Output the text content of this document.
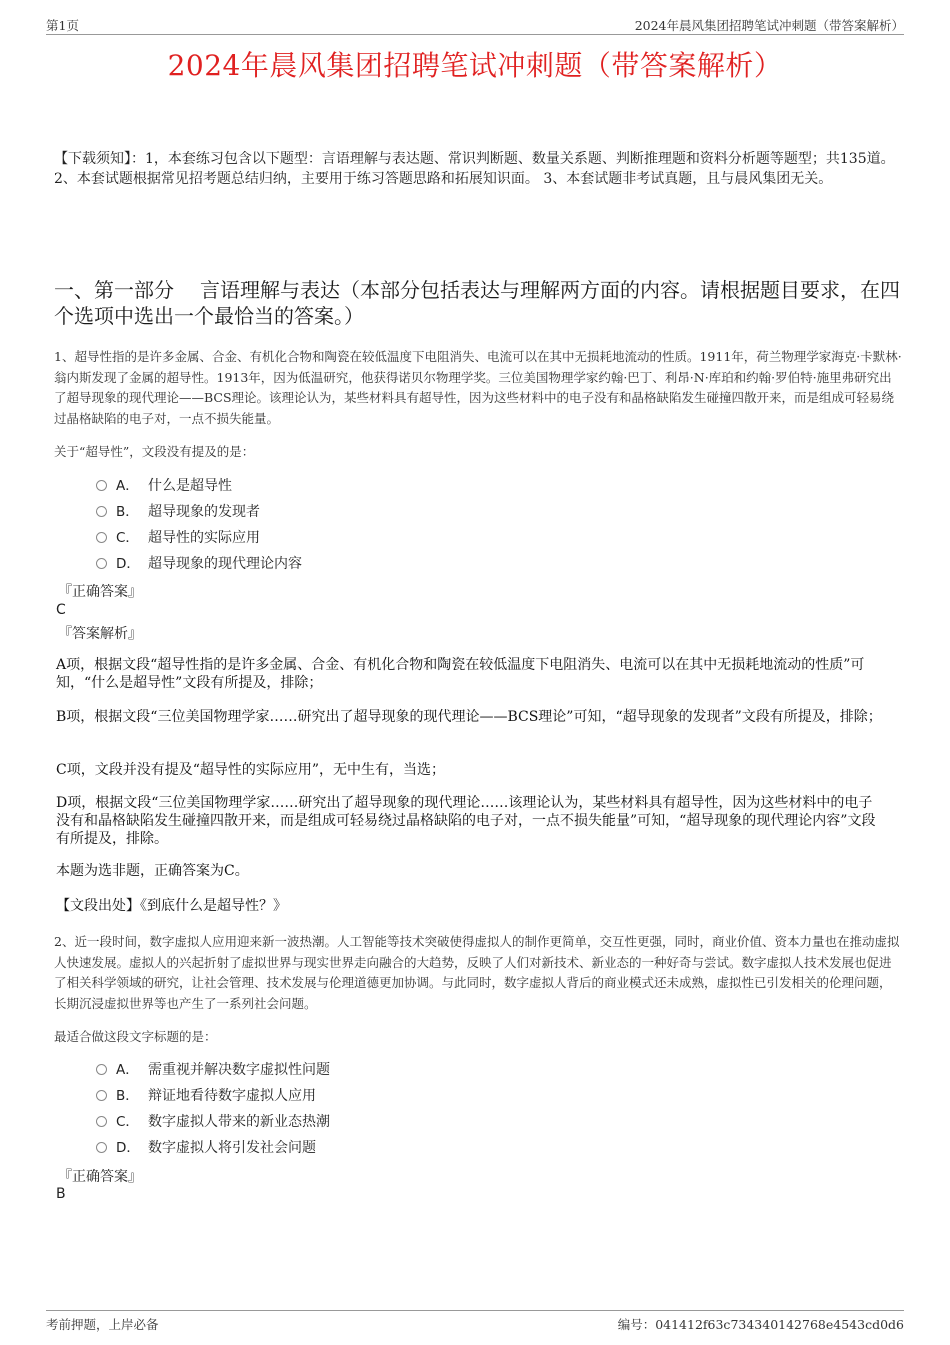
第1页	2024年晨风集团招聘笔试冲刺题（带答案解析）
2024年晨风集团招聘笔试冲刺题（带答案解析）
【下载须知】：1，本套练习包含以下题型：言语理解与表达题、常识判断题、数量关系题、判断推理题和资料分析题等题型；共135道。 2、本套试题根据常见招考题总结归纳，主要用于练习答题思路和拓展知识面。 3、本套试题非考试真题，且与晨风集团无关。
一、第一部分 言语理解与表达（本部分包括表达与理解两方面的内容。请根据题目要求，在四个选项中选出一个最恰当的答案。）
1、超导性指的是许多金属、合金、有机化合物和陶瓷在较低温度下电阻消失、电流可以在其中无损耗地流动的性质。1911年，荷兰物理学家海克·卡默林·翁内斯发现了金属的超导性。1913年，因为低温研究，他获得诺贝尔物理学奖。三位美国物理学家约翰·巴丁、利昂·N·库珀和约翰·罗伯特·施里弗研究出了超导现象的现代理论——BCS理论。该理论认为，某些材料具有超导性，因为这些材料中的电子没有和晶格缺陷发生碰撞四散开来，而是组成可轻易绕过晶格缺陷的电子对，一点不损失能量。
关于“超导性”，文段没有提及的是：
A． 什么是超导性
B． 超导现象的发现者
C． 超导性的实际应用
D． 超导现象的现代理论内容
『正确答案』
C
『答案解析』
A项，根据文段“超导性指的是许多金属、合金、有机化合物和陶瓷在较低温度下电阻消失、电流可以在其中无损耗地流动的性质”可知，“什么是超导性”文段有所提及，排除；
B项，根据文段“三位美国物理学家……研究出了超导现象的现代理论——BCS理论”可知，“超导现象的发现者”文段有所提及，排除；
C项，文段并没有提及“超导性的实际应用”，无中生有，当选；
D项，根据文段“三位美国物理学家……研究出了超导现象的现代理论……该理论认为，某些材料具有超导性，因为这些材料中的电子没有和晶格缺陷发生碰撞四散开来，而是组成可轻易绕过晶格缺陷的电子对，一点不损失能量”可知，“超导现象的现代理论内容”文段有所提及，排除。
本题为选非题，正确答案为C。
【文段出处】《到底什么是超导性？》
2、近一段时间，数字虚拟人应用迎来新一波热潮。人工智能等技术突破使得虚拟人的制作更简单，交互性更强，同时，商业价值、资本力量也在推动虚拟人快速发展。虚拟人的兴起折射了虚拟世界与现实世界走向融合的大趋势，反映了人们对新技术、新业态的一种好奇与尝试。数字虚拟人技术发展也促进了相关科学领域的研究，让社会管理、技术发展与伦理道德更加协调。与此同时，数字虚拟人背后的商业模式还未成熟，虚拟性已引发相关的伦理问题，长期沉浸虚拟世界等也产生了一系列社会问题。
最适合做这段文字标题的是：
A． 需重视并解决数字虚拟性问题
B． 辩证地看待数字虚拟人应用
C． 数字虚拟人带来的新业态热潮
D． 数字虚拟人将引发社会问题
『正确答案』
B
考前押题，上岸必备	编号：041412f63c734340142768e4543cd0d6
